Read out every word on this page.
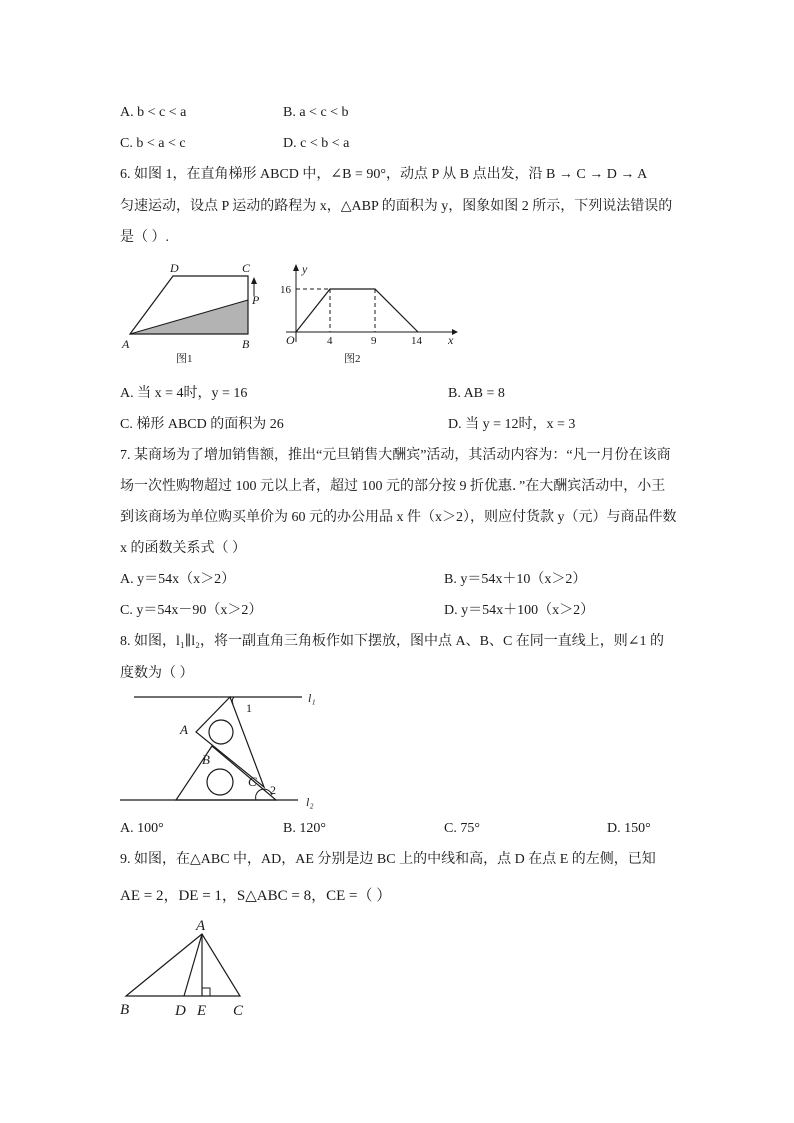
A. b < c < a	B. a < c < b
C. b < a < c	D. c < b < a
6. 如图 1，在直角梯形 ABCD 中，∠B = 90°，动点 P 从 B 点出发，沿 B → C → D → A
匀速运动，设点 P 运动的路程为 x，△ABP 的面积为 y，图象如图 2 所示，下列说法错误的
是（ ）.
D	C
P
A	B
图1
y
16
O	4	9	14 x
图2
A. 当 x = 4时，y = 16	B. AB = 8
C. 梯形 ABCD 的面积为 26	D. 当 y = 12时，x = 3
7. 某商场为了增加销售额，推出“元旦销售大酬宾”活动，其活动内容为：“凡一月份在该商
场一次性购物超过 100 元以上者，超过 100 元的部分按 9 折优惠．”在大酬宾活动中，小王
到该商场为单位购买单价为 60 元的办公用品 x 件（x＞2），则应付货款 y（元）与商品件数
x 的函数关系式（ ）
A. y＝54x（x＞2）	B. y＝54x＋10（x＞2）
C. y＝54x－90（x＞2）	D. y＝54x＋100（x＞2）
8. 如图，l₁∥l₂，将一副直角三角板作如下摆放，图中点 A、B、C 在同一直线上，则∠1 的
度数为（ ）
l₁
l₂
A
B
C
1
2
A. 100°	B. 120°	C. 75°	D. 150°
9. 如图，在△ABC 中，AD，AE 分别是边 BC 上的中线和高，点 D 在点 E 的左侧，已知
AE = 2，DE = 1，S△ABC = 8，CE =（ ）
A
B	D E C
